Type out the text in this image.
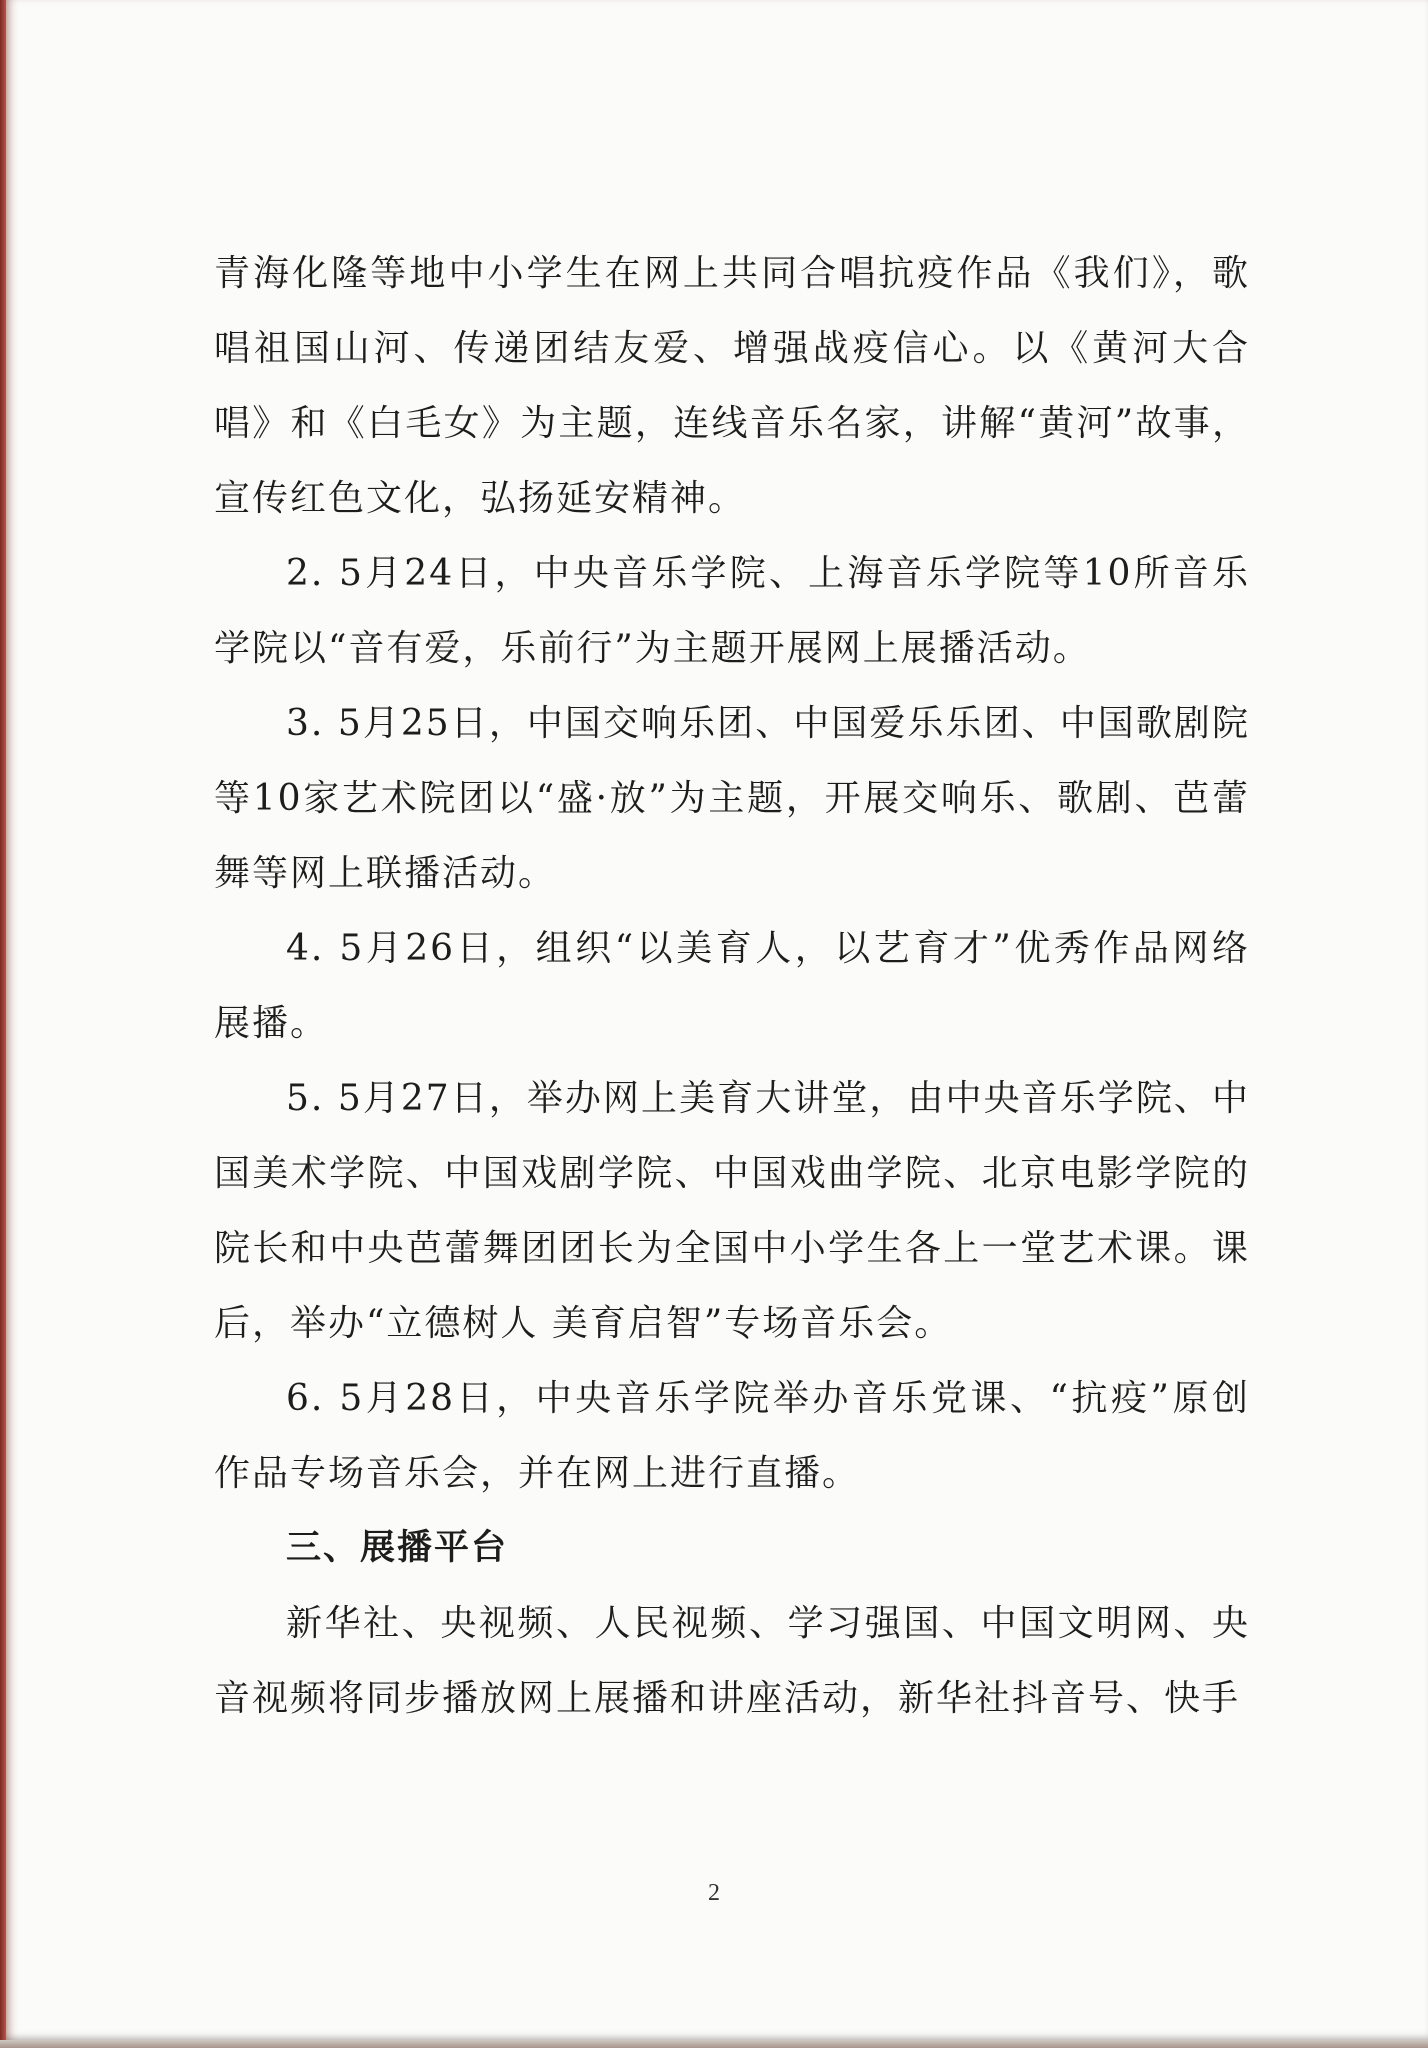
青海化隆等地中小学生在网上共同合唱抗疫作品《我们》，歌唱祖国山河、传递团结友爱、增强战疫信心。以《黄河大合唱》和《白毛女》为主题，连线音乐名家，讲解“黄河”故事，宣传红色文化，弘扬延安精神。

2. 5月24日，中央音乐学院、上海音乐学院等10所音乐学院以“音有爱，乐前行”为主题开展网上展播活动。

3. 5月25日，中国交响乐团、中国爱乐乐团、中国歌剧院等10家艺术院团以“盛·放”为主题，开展交响乐、歌剧、芭蕾舞等网上联播活动。

4. 5月26日，组织“以美育人，以艺育才”优秀作品网络展播。

5. 5月27日，举办网上美育大讲堂，由中央音乐学院、中国美术学院、中国戏剧学院、中国戏曲学院、北京电影学院的院长和中央芭蕾舞团团长为全国中小学生各上一堂艺术课。课后，举办“立德树人 美育启智”专场音乐会。

6. 5月28日，中央音乐学院举办音乐党课、“抗疫”原创作品专场音乐会，并在网上进行直播。

三、展播平台

新华社、央视频、人民视频、学习强国、中国文明网、央音视频将同步播放网上展播和讲座活动，新华社抖音号、快手

2
